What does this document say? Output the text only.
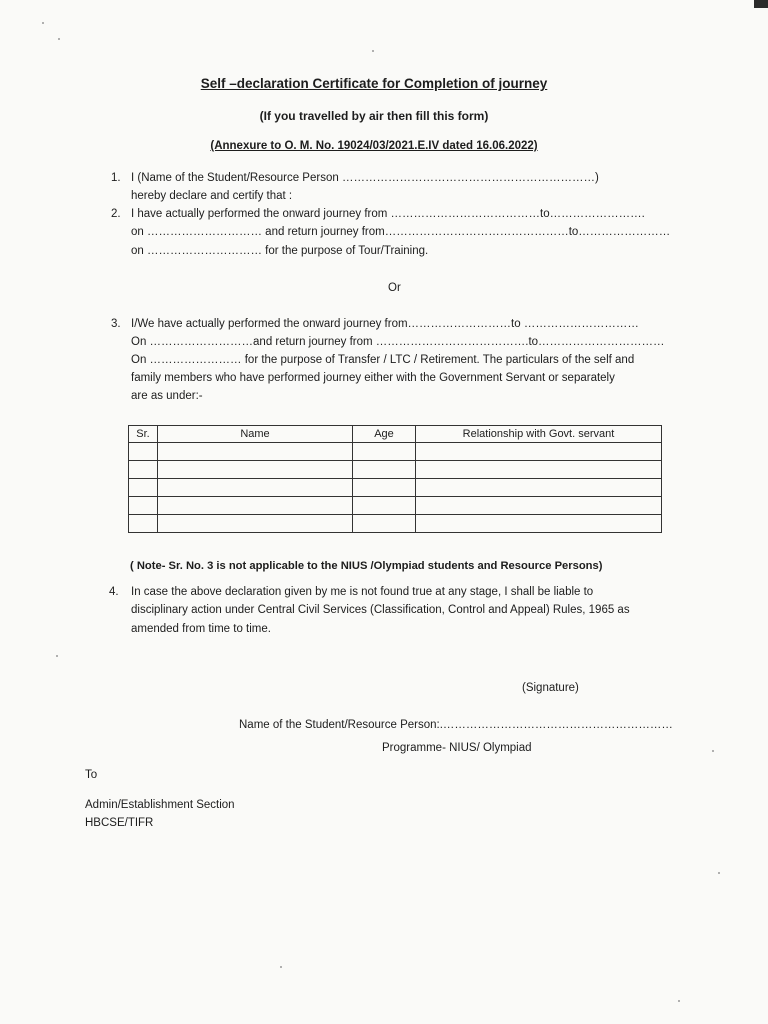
Self –declaration Certificate for Completion of journey
(If you travelled by air then fill this form)
(Annexure to O. M. No. 19024/03/2021.E.IV dated 16.06.2022)
1. I (Name of the Student/Resource Person …………………………………………………………)
hereby declare and certify that :
2. I have actually performed the onward journey from …………………………………to…………………….
on ………………………… and return journey from…………………………………………to……………………
on ………………………… for the purpose of Tour/Training.
Or
3. I/We have actually performed the onward journey from………………………to …………………………
On ………………………and return journey from ………………………………….to……………………………
On …………………… for the purpose of Transfer / LTC / Retirement. The particulars of the self and
family members who have performed journey either with the Government Servant or separately
are as under:-
Sr.	Name	Age	Relationship with Govt. servant

( Note- Sr. No. 3 is not applicable to the NIUS /Olympiad students and Resource Persons)
4. In case the above declaration given by me is not found true at any stage, I shall be liable to
disciplinary action under Central Civil Services (Classification, Control and Appeal) Rules, 1965 as
amended from time to time.
(Signature)
Name of the Student/Resource Person:.……………………………………………………
Programme- NIUS/ Olympiad
To
Admin/Establishment Section
HBCSE/TIFR
